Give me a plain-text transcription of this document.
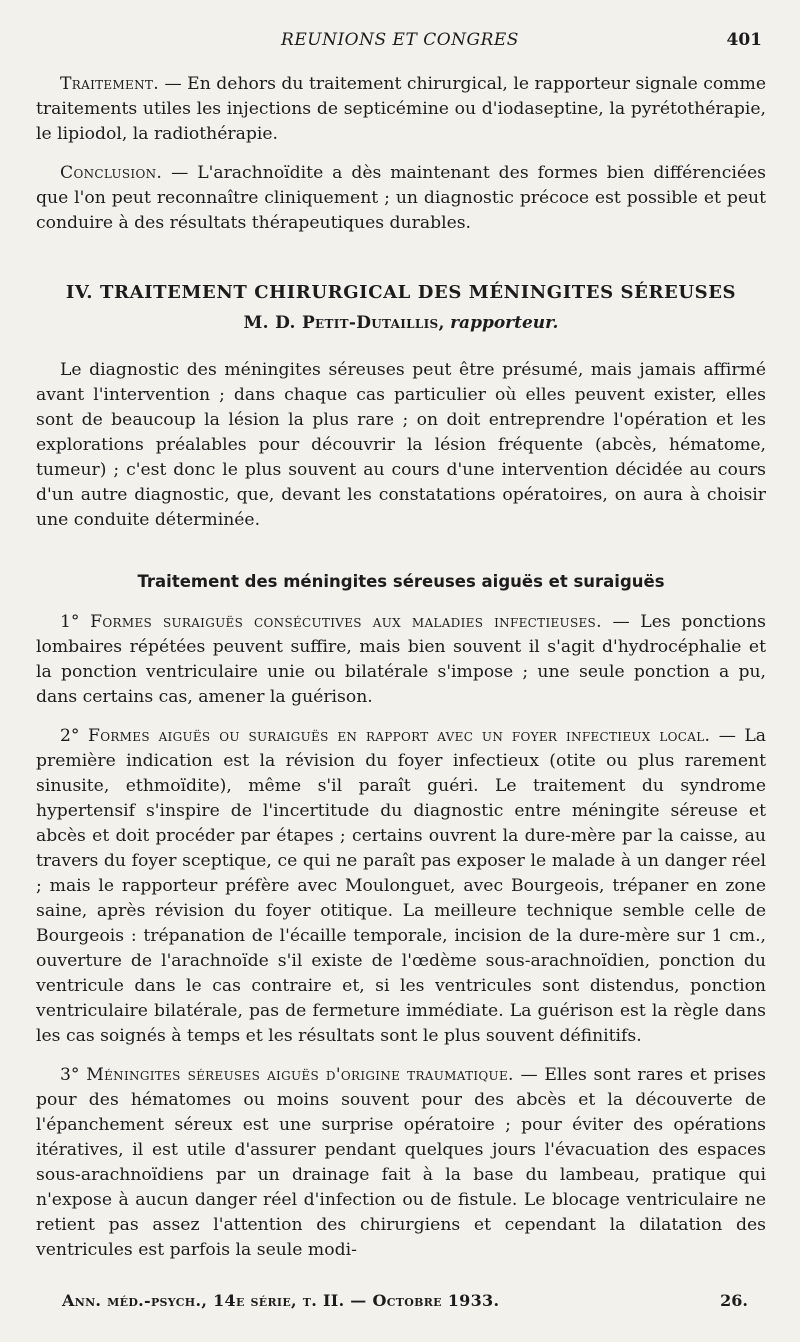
REUNIONS ET CONGRES	401

Traitement. — En dehors du traitement chirurgical, le rapporteur signale comme traitements utiles les injections de septicémine ou d'iodaseptine, la pyrétothérapie, le lipiodol, la radiothérapie.

Conclusion. — L'arachnoïdite a dès maintenant des formes bien différenciées que l'on peut reconnaître cliniquement ; un diagnostic précoce est possible et peut conduire à des résultats thérapeutiques durables.

IV. TRAITEMENT CHIRURGICAL DES MÉNINGITES SÉREUSES
M. D. Petit-Dutaillis, rapporteur.

Le diagnostic des méningites séreuses peut être présumé, mais jamais affirmé avant l'intervention ; dans chaque cas particulier où elles peuvent exister, elles sont de beaucoup la lésion la plus rare ; on doit entreprendre l'opération et les explorations préalables pour découvrir la lésion fréquente (abcès, hématome, tumeur) ; c'est donc le plus souvent au cours d'une intervention décidée au cours d'un autre diagnostic, que, devant les constatations opératoires, on aura à choisir une conduite déterminée.

Traitement des méningites séreuses aiguës et suraiguës

1° Formes suraiguës consécutives aux maladies infectieuses. — Les ponctions lombaires répétées peuvent suffire, mais bien souvent il s'agit d'hydrocéphalie et la ponction ventriculaire unie ou bilatérale s'impose ; une seule ponction a pu, dans certains cas, amener la guérison.

2° Formes aiguës ou suraiguës en rapport avec un foyer infectieux local. — La première indication est la révision du foyer infectieux (otite ou plus rarement sinusite, ethmoïdite), même s'il paraît guéri. Le traitement du syndrome hypertensif s'inspire de l'incertitude du diagnostic entre méningite séreuse et abcès et doit procéder par étapes ; certains ouvrent la dure-mère par la caisse, au travers du foyer sceptique, ce qui ne paraît pas exposer le malade à un danger réel ; mais le rapporteur préfère avec Moulonguet, avec Bourgeois, trépaner en zone saine, après révision du foyer otitique. La meilleure technique semble celle de Bourgeois : trépanation de l'écaille temporale, incision de la dure-mère sur 1 cm., ouverture de l'arachnoïde s'il existe de l'œdème sous-arachnoïdien, ponction du ventricule dans le cas contraire et, si les ventricules sont distendus, ponction ventriculaire bilatérale, pas de fermeture immédiate. La guérison est la règle dans les cas soignés à temps et les résultats sont le plus souvent définitifs.

3° Méningites séreuses aiguës d'origine traumatique. — Elles sont rares et prises pour des hématomes ou moins souvent pour des abcès et la découverte de l'épanchement séreux est une surprise opératoire ; pour éviter des opérations itératives, il est utile d'assurer pendant quelques jours l'évacuation des espaces sous-arachnoïdiens par un drainage fait à la base du lambeau, pratique qui n'expose à aucun danger réel d'infection ou de fistule. Le blocage ventriculaire ne retient pas assez l'attention des chirurgiens et cependant la dilatation des ventricules est parfois la seule modi-

Ann. méd.-psych., 14e série, t. II. — Octobre 1933.	26.
